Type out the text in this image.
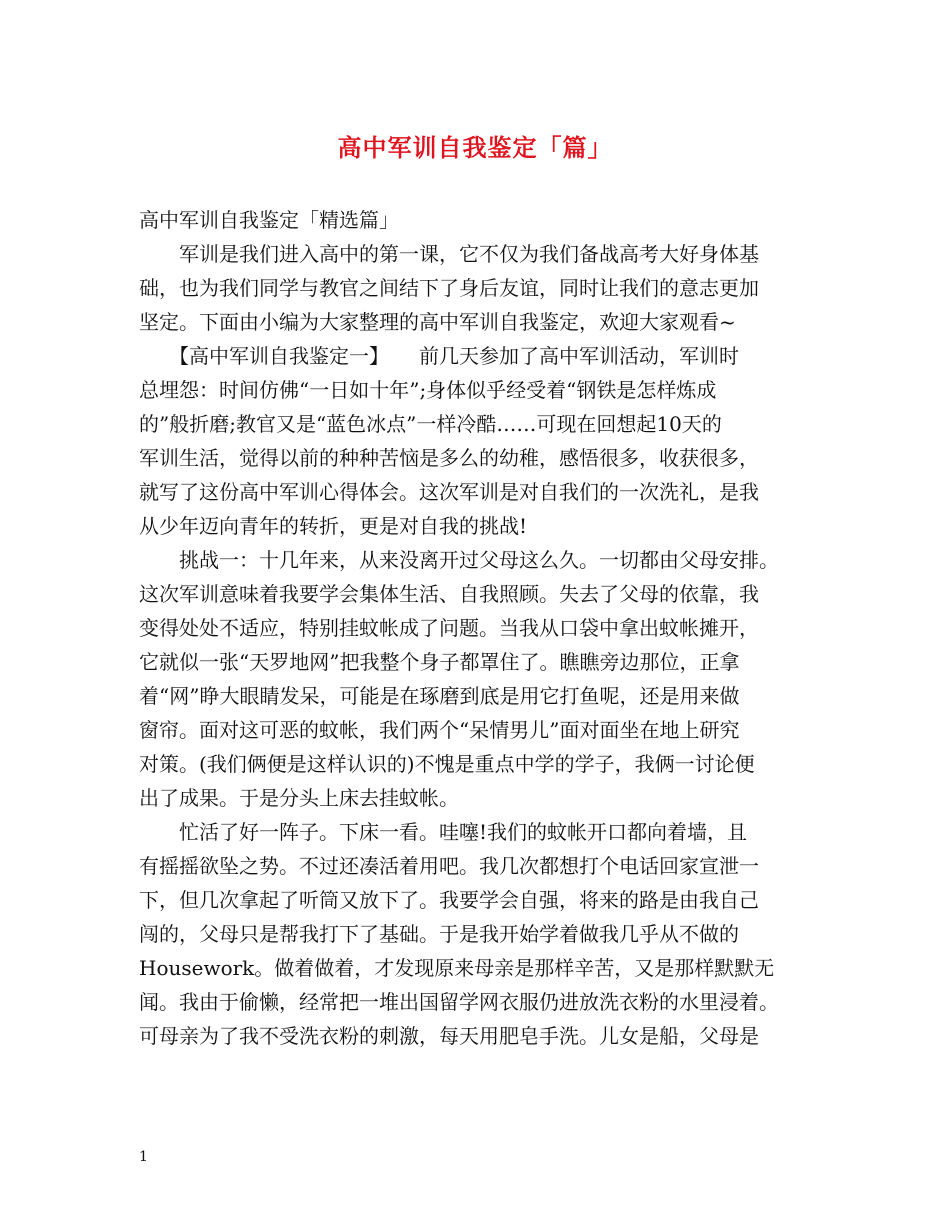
高中军训自我鉴定「篇」
高中军训自我鉴定「精选篇」
　　军训是我们进入高中的第一课，它不仅为我们备战高考大好身体基
础，也为我们同学与教官之间结下了身后友谊，同时让我们的意志更加
坚定。下面由小编为大家整理的高中军训自我鉴定，欢迎大家观看~
　　【高中军训自我鉴定一】　　前几天参加了高中军训活动，军训时
总埋怨：时间仿佛“一日如十年”;身体似乎经受着“钢铁是怎样炼成
的”般折磨;教官又是“蓝色冰点”一样冷酷……可现在回想起10天的
军训生活，觉得以前的种种苦恼是多么的幼稚，感悟很多，收获很多，
就写了这份高中军训心得体会。这次军训是对自我们的一次洗礼，是我
从少年迈向青年的转折，更是对自我的挑战!
　　挑战一：十几年来，从来没离开过父母这么久。一切都由父母安排。
这次军训意味着我要学会集体生活、自我照顾。失去了父母的依靠，我
变得处处不适应，特别挂蚊帐成了问题。当我从口袋中拿出蚊帐摊开，
它就似一张“天罗地网”把我整个身子都罩住了。瞧瞧旁边那位，正拿
着“网”睁大眼睛发呆，可能是在琢磨到底是用它打鱼呢，还是用来做
窗帘。面对这可恶的蚊帐，我们两个“呆情男儿”面对面坐在地上研究
对策。(我们俩便是这样认识的)不愧是重点中学的学子，我俩一讨论便
出了成果。于是分头上床去挂蚊帐。
　　忙活了好一阵子。下床一看。哇噻!我们的蚊帐开口都向着墙，且
有摇摇欲坠之势。不过还凑活着用吧。我几次都想打个电话回家宣泄一
下，但几次拿起了听筒又放下了。我要学会自强，将来的路是由我自己
闯的，父母只是帮我打下了基础。于是我开始学着做我几乎从不做的
Housework。做着做着，才发现原来母亲是那样辛苦，又是那样默默无
闻。我由于偷懒，经常把一堆出国留学网衣服仍进放洗衣粉的水里浸着。
可母亲为了我不受洗衣粉的刺激，每天用肥皂手洗。儿女是船，父母是
1
